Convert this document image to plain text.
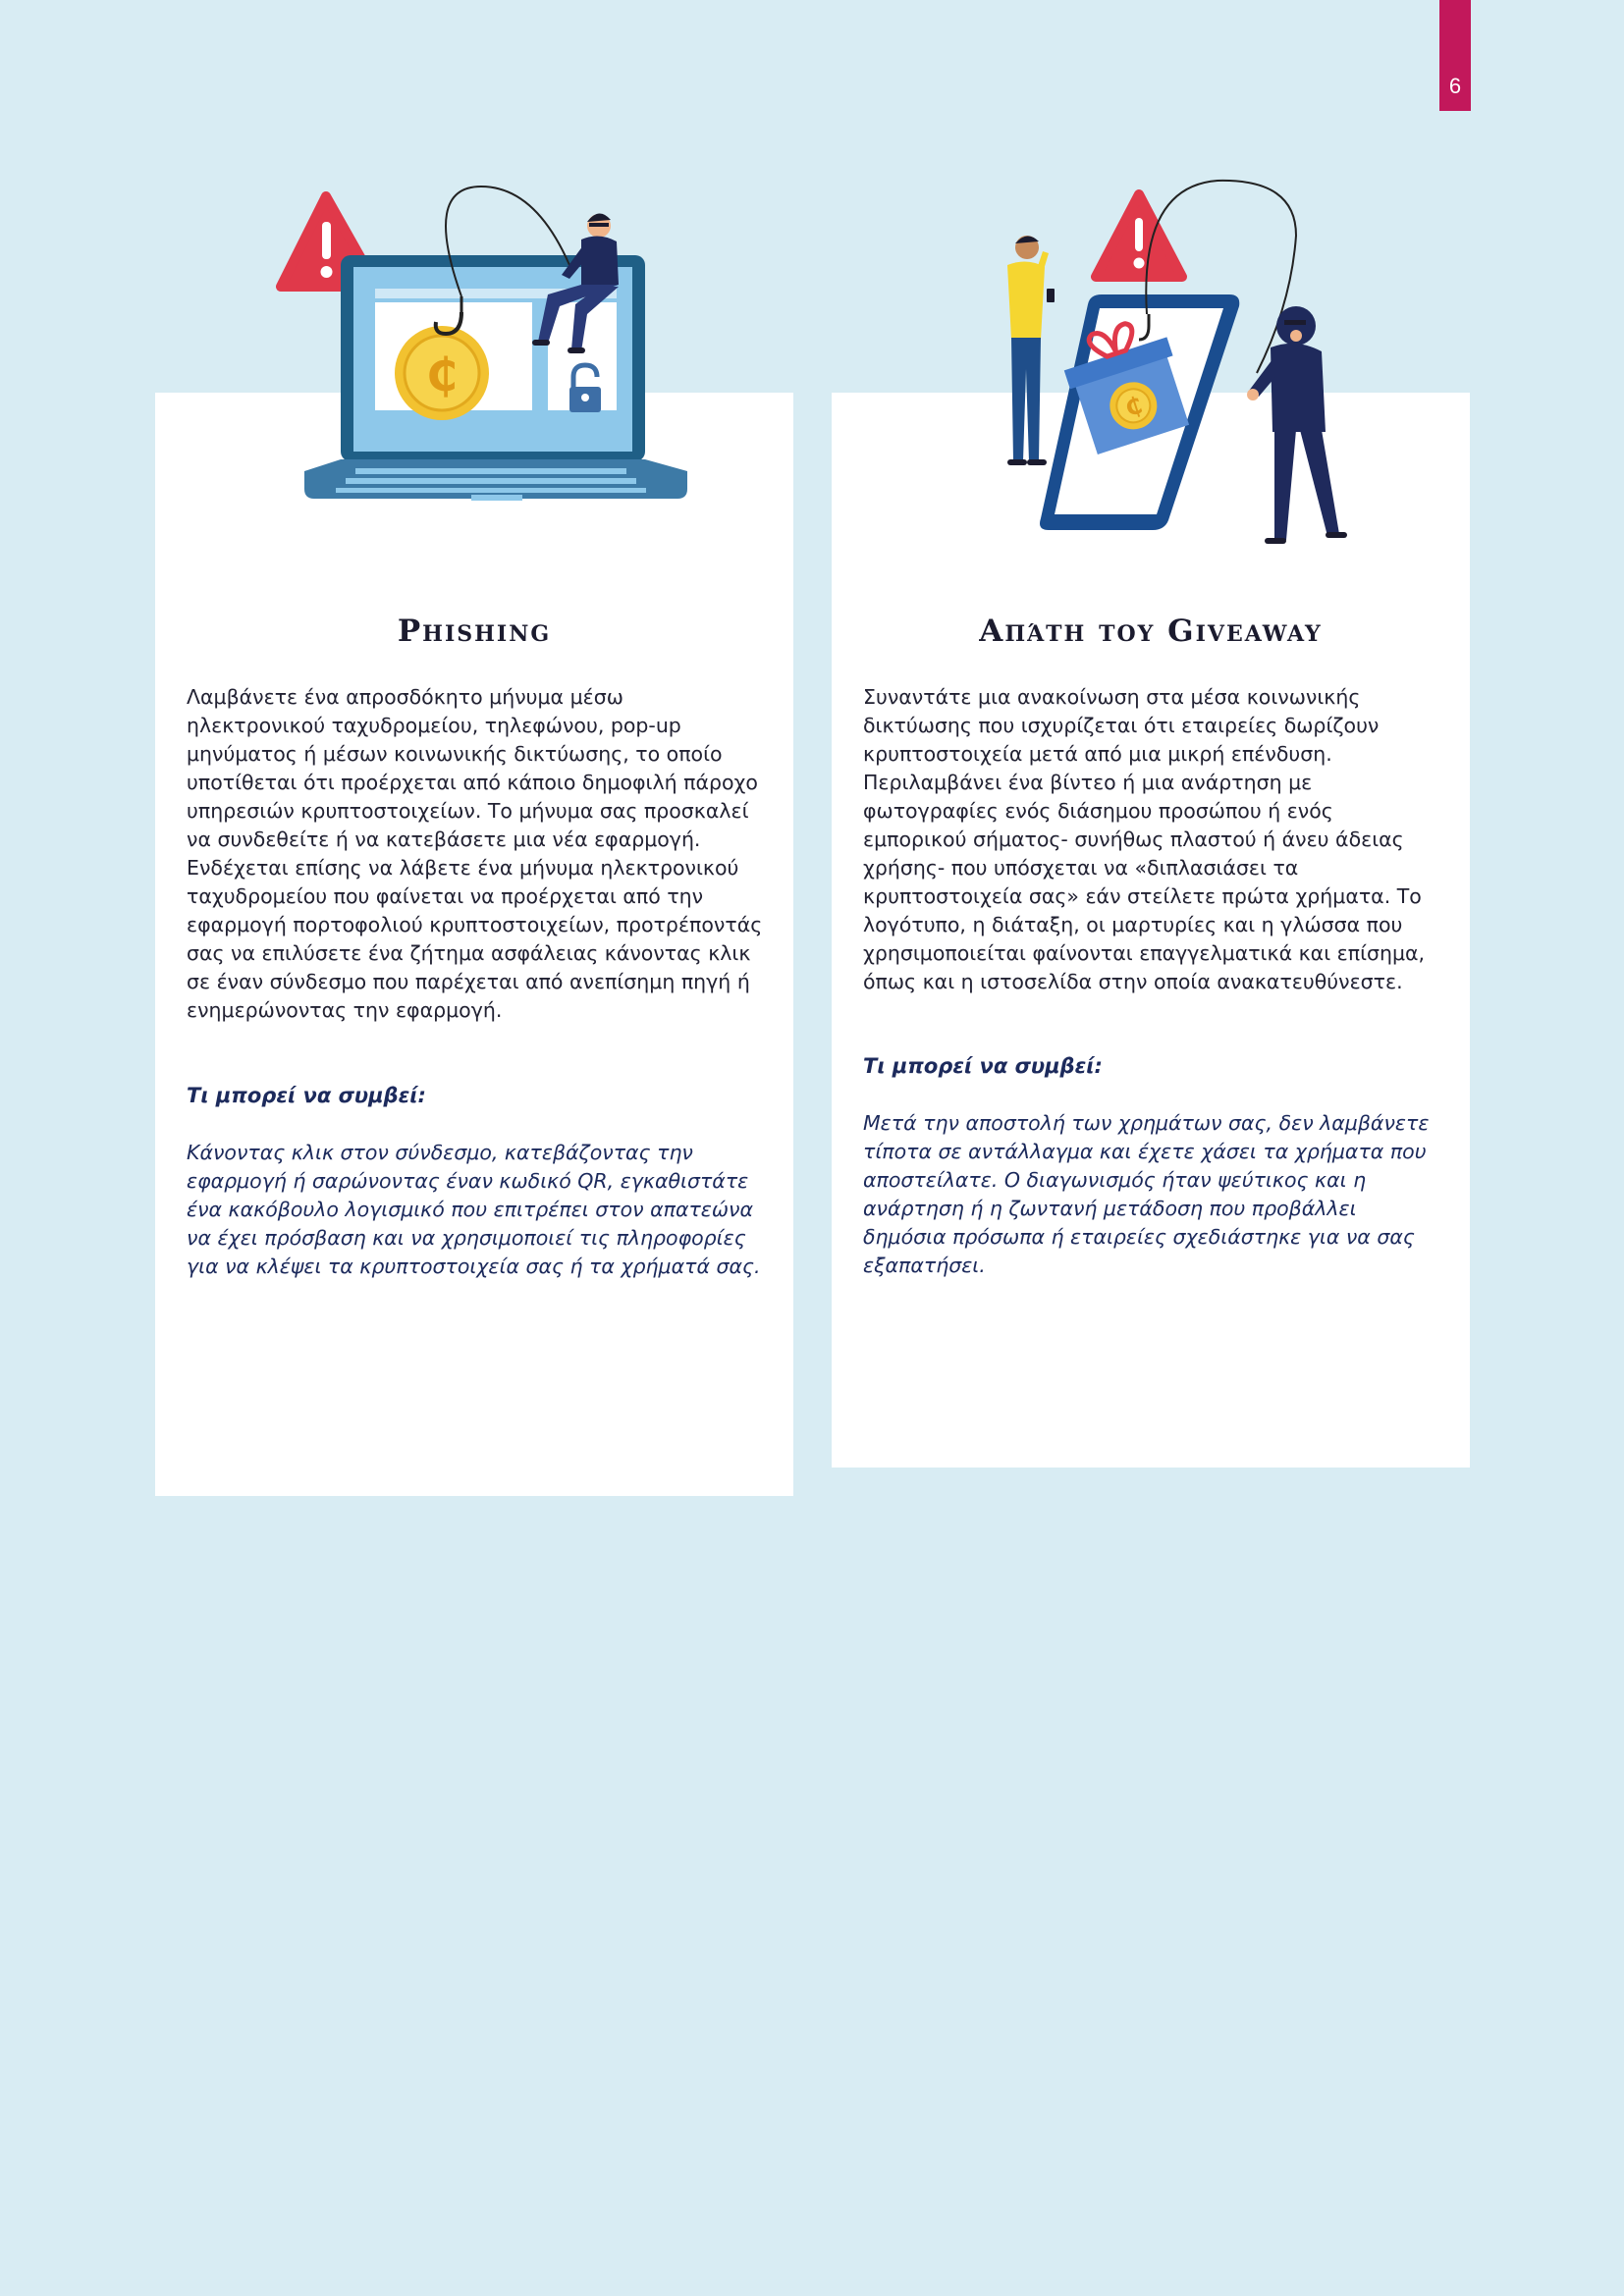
6
Phishing

Λαμβάνετε ένα απροσδόκητο μήνυμα μέσω ηλεκτρονικού ταχυδρομείου, τηλεφώνου, pop-up μηνύματος ή μέσων κοινωνικής δικτύωσης, το οποίο υποτίθεται ότι προέρχεται από κάποιο δημοφιλή πάροχο υπηρεσιών κρυπτοστοιχείων. Το μήνυμα σας προσκαλεί να συνδεθείτε ή να κατεβάσετε μια νέα εφαρμογή. Ενδέχεται επίσης να λάβετε ένα μήνυμα ηλεκτρονικού ταχυδρομείου που φαίνεται να προέρχεται από την εφαρμογή πορτοφολιού κρυπτοστοιχείων, προτρέποντάς σας να επιλύσετε ένα ζήτημα ασφάλειας κάνοντας κλικ σε έναν σύνδεσμο που παρέχεται από ανεπίσημη πηγή ή ενημερώνοντας την εφαρμογή.

Τι μπορεί να συμβεί:

Κάνοντας κλικ στον σύνδεσμο, κατεβάζοντας την εφαρμογή ή σαρώνοντας έναν κωδικό QR, εγκαθιστάτε ένα κακόβουλο λογισμικό που επιτρέπει στον απατεώνα να έχει πρόσβαση και να χρησιμοποιεί τις πληροφορίες για να κλέψει τα κρυπτοστοιχεία σας ή τα χρήματά σας.

Απάτη του Giveaway

Συναντάτε μια ανακοίνωση στα μέσα κοινωνικής δικτύωσης που ισχυρίζεται ότι εταιρείες δωρίζουν κρυπτοστοιχεία μετά από μια μικρή επένδυση. Περιλαμβάνει ένα βίντεο ή μια ανάρτηση με φωτογραφίες ενός διάσημου προσώπου ή ενός εμπορικού σήματος- συνήθως πλαστού ή άνευ άδειας χρήσης- που υπόσχεται να «διπλασιάσει τα κρυπτοστοιχεία σας» εάν στείλετε πρώτα χρήματα. Το λογότυπο, η διάταξη, οι μαρτυρίες και η γλώσσα που χρησιμοποιείται φαίνονται επαγγελματικά και επίσημα, όπως και η ιστοσελίδα στην οποία ανακατευθύνεστε.

Τι μπορεί να συμβεί:

Μετά την αποστολή των χρημάτων σας, δεν λαμβάνετε τίποτα σε αντάλλαγμα και έχετε χάσει τα χρήματα που αποστείλατε. Ο διαγωνισμός ήταν ψεύτικος και η ανάρτηση ή η ζωντανή μετάδοση που προβάλλει δημόσια πρόσωπα ή εταιρείες σχεδιάστηκε για να σας εξαπατήσει.

₵
₵
